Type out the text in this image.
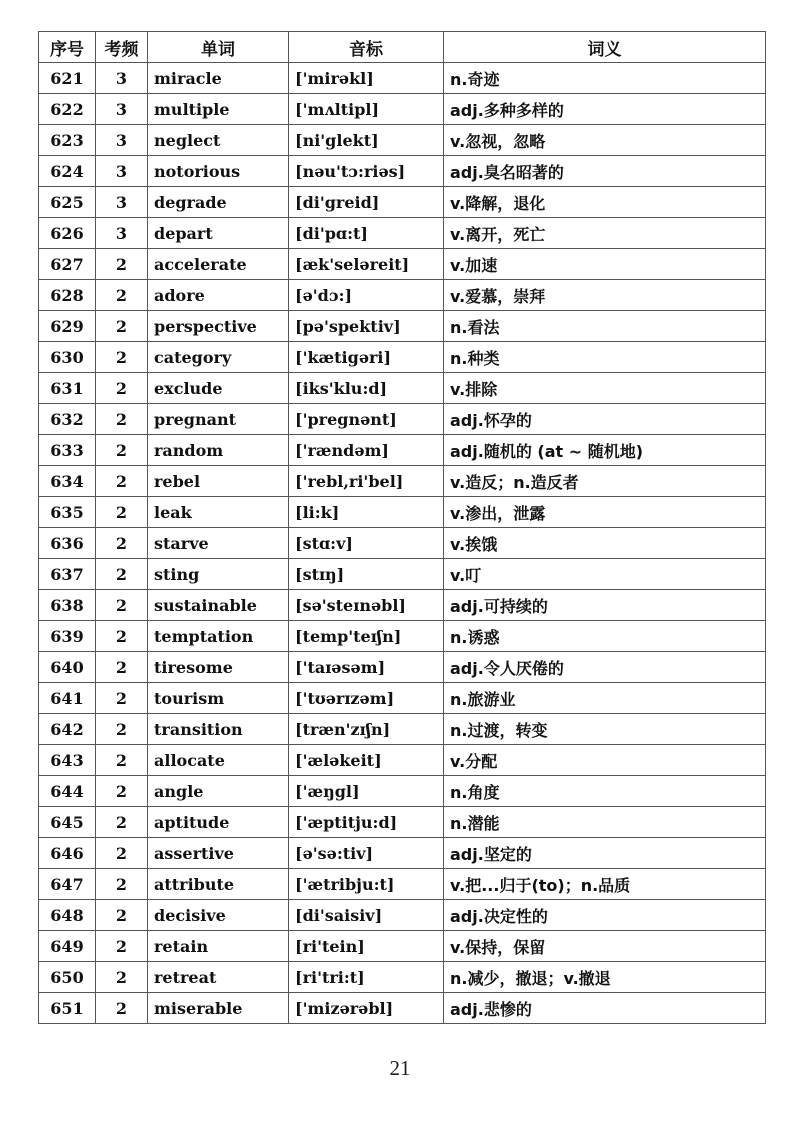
序号	考频	单词	音标	词义
621	3	miracle	['mirəkl]	n.奇迹
622	3	multiple	['mʌltipl]	adj.多种多样的
623	3	neglect	[ni'glekt]	v.忽视，忽略
624	3	notorious	[nəu'tɔ:riəs]	adj.臭名昭著的
625	3	degrade	[di'greid]	v.降解，退化
626	3	depart	[di'pɑ:t]	v.离开，死亡
627	2	accelerate	[æk'seləreit]	v.加速
628	2	adore	[ə'dɔ:]	v.爱慕，崇拜
629	2	perspective	[pə'spektiv]	n.看法
630	2	category	['kætigəri]	n.种类
631	2	exclude	[iks'klu:d]	v.排除
632	2	pregnant	['pregnənt]	adj.怀孕的
633	2	random	['rændəm]	adj.随机的 (at ~ 随机地)
634	2	rebel	['rebl,ri'bel]	v.造反；n.造反者
635	2	leak	[li:k]	v.渗出，泄露
636	2	starve	[stɑ:v]	v.挨饿
637	2	sting	[stɪŋ]	v.叮
638	2	sustainable	[sə'steɪnəbl]	adj.可持续的
639	2	temptation	[temp'teɪʃn]	n.诱惑
640	2	tiresome	['taɪəsəm]	adj.令人厌倦的
641	2	tourism	['tʊərɪzəm]	n.旅游业
642	2	transition	[træn'zɪʃn]	n.过渡，转变
643	2	allocate	['æləkeit]	v.分配
644	2	angle	['æŋgl]	n.角度
645	2	aptitude	['æptitju:d]	n.潜能
646	2	assertive	[ə'sə:tiv]	adj.坚定的
647	2	attribute	['ætribju:t]	v.把...归于(to)；n.品质
648	2	decisive	[di'saisiv]	adj.决定性的
649	2	retain	[ri'tein]	v.保持，保留
650	2	retreat	[ri'tri:t]	n.减少，撤退；v.撤退
651	2	miserable	['mizərəbl]	adj.悲惨的
21
